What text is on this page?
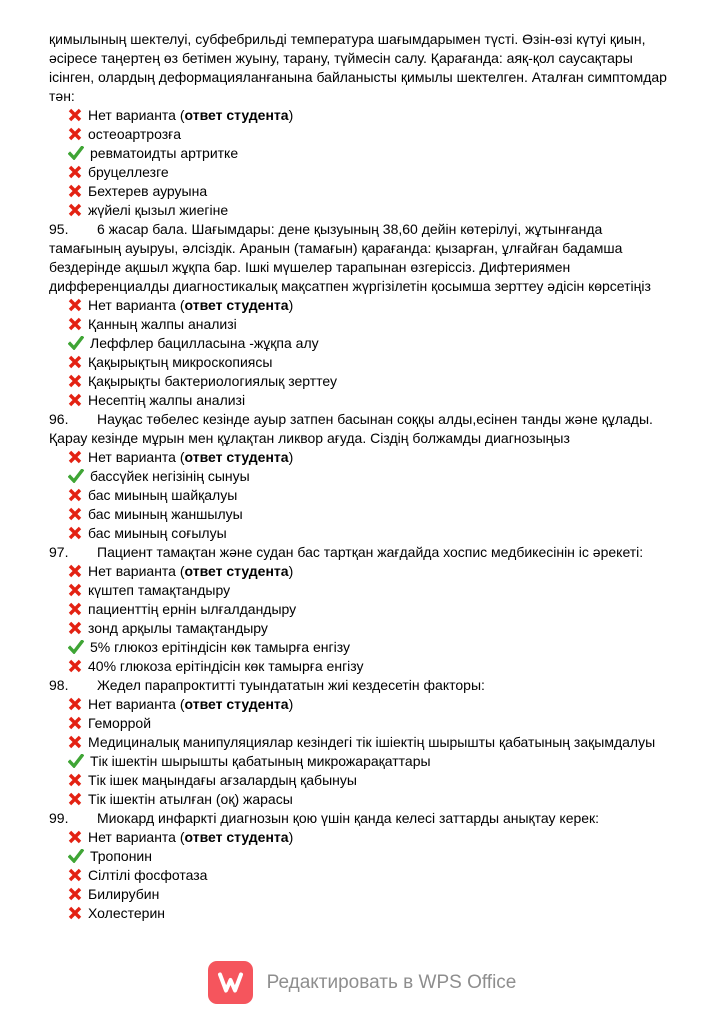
қимылының шектелуі, субфебрильді температура шағымдарымен түсті. Өзін-өзі күтуі қиын, әсіресе таңертең өз бетімен жуыну, тарану, түймесін салу. Қарағанда: аяқ-қол саусақтары ісінген, олардың деформацияланғанына байланысты қимылы шектелген. Аталған симптомдар тән:

Нет варианта (ответ студента)

остеоартрозға

ревматоидты артритке

бруцеллезге

Бехтерев ауруына

жүйелі қызыл жиегіне

95. 6 жасар бала. Шағымдары: дене қызуының 38,60 дейін көтерілуі, жұтынғанда тамағының ауыруы, әлсіздік. Аранын (тамағын) қарағанда: қызарған, ұлғайған бадамша бездерінде ақшыл жұқпа бар. Ішкі мүшелер тарапынан өзгеріссіз. Дифтериямен дифференциалды диагностикалық мақсатпен жүргізілетін қосымша зерттеу әдісін көрсетіңіз

Нет варианта (ответ студента)

Қанның жалпы анализі

Леффлер бацилласына -жұқпа алу

Қақырықтың микроскопиясы

Қақырықты бактериологиялық зерттеу

Несептің жалпы анализі

96. Науқас төбелес кезінде ауыр затпен басынан соққы алды,есінен танды және құлады. Қарау кезінде мұрын мен құлақтан ликвор ағуда. Сіздің болжамды диагнозыңыз

Нет варианта (ответ студента)

бассүйек негізінің сынуы

бас миының шайқалуы

бас миының жаншылуы

бас миының соғылуы

97. Пациент тамақтан және судан бас тартқан жағдайда хоспис медбикесінін іс әрекеті:

Нет варианта (ответ студента)

күштеп тамақтандыру

пациенттің ернін ылғалдандыру

зонд арқылы тамақтандыру

5% глюкоз ерітіндісін көк тамырға енгізу

40% глюкоза ерітіндісін көк тамырға енгізу

98. Жедел парапроктитті туындататын жиі кездесетін факторы:

Нет варианта (ответ студента)

Геморрой

Медициналық манипуляциялар кезіндегі тік ішіектің шырышты қабатының зақымдалуы

Тік ішектін шырышты қабатының микрожарақаттары

Тік ішек маңындағы ағзалардың қабынуы

Тік ішектін атылған (оқ) жарасы

99. Миокард инфаркті диагнозын қою үшін қанда келесі заттарды анықтау керек:

Нет варианта (ответ студента)

Тропонин

Сілтілі фосфотаза

Билирубин

Холестерин

Редактировать в WPS Office
